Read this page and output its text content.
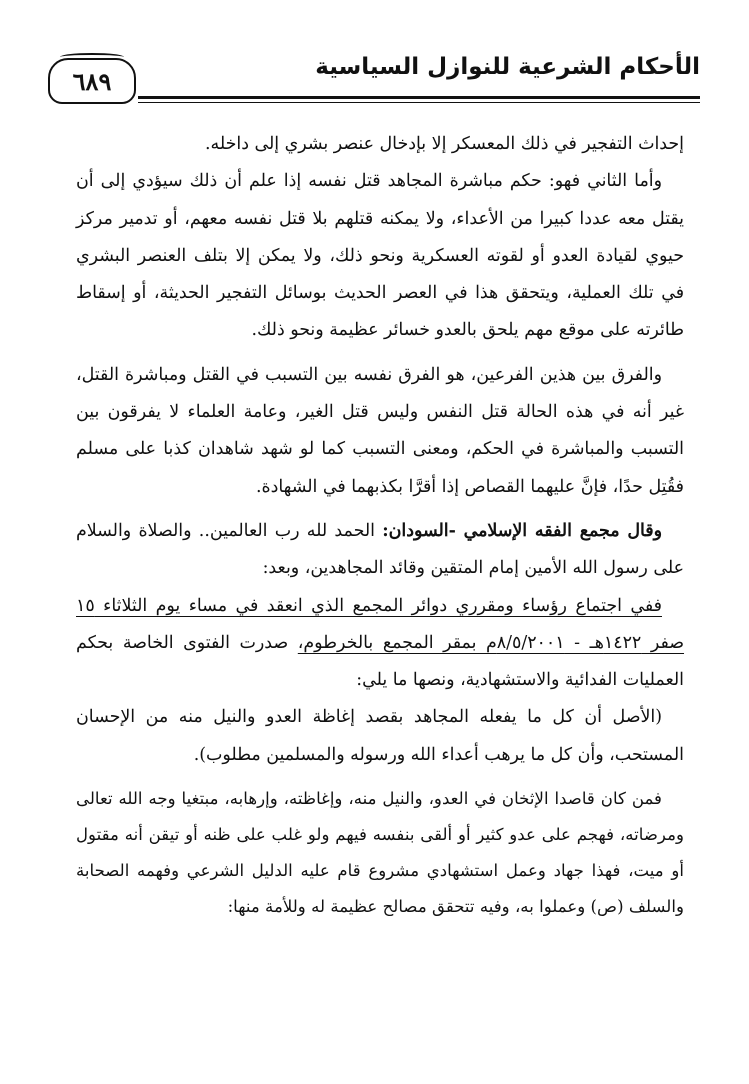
٦٨٩	الأحكام الشرعية للنوازل السياسية

إحداث التفجير في ذلك المعسكر إلا بإدخال عنصر بشري إلى داخله.

وأما الثاني فهو: حكم مباشرة المجاهد قتل نفسه إذا علم أن ذلك سيؤدي إلى أن يقتل معه عددا كبيرا من الأعداء، ولا يمكنه قتلهم بلا قتل نفسه معهم، أو تدمير مركز حيوي لقيادة العدو أو لقوته العسكرية ونحو ذلك، ولا يمكن إلا بتلف العنصر البشري في تلك العملية، ويتحقق هذا في العصر الحديث بوسائل التفجير الحديثة، أو إسقاط طائرته على موقع مهم يلحق بالعدو خسائر عظيمة ونحو ذلك.

والفرق بين هذين الفرعين، هو الفرق نفسه بين التسبب في القتل ومباشرة القتل، غير أنه في هذه الحالة قتل النفس وليس قتل الغير، وعامة العلماء لا يفرقون بين التسبب والمباشرة في الحكم، ومعنى التسبب كما لو شهد شاهدان كذبا على مسلم فقُتِل حدًا، فإنَّ عليهما القصاص إذا أقرَّا بكذبهما في الشهادة.

وقال مجمع الفقه الإسلامي -السودان: الحمد لله رب العالمين.. والصلاة والسلام على رسول الله الأمين إمام المتقين وقائد المجاهدين، وبعد:

ففي اجتماع رؤساء ومقرري دوائر المجمع الذي انعقد في مساء يوم الثلاثاء ١٥ صفر ١٤٢٢هـ - ٨/٥/٢٠٠١م بمقر المجمع بالخرطوم، صدرت الفتوى الخاصة بحكم العمليات الفدائية والاستشهادية، ونصها ما يلي:

(الأصل أن كل ما يفعله المجاهد بقصد إغاظة العدو والنيل منه من الإحسان المستحب، وأن كل ما يرهب أعداء الله ورسوله والمسلمين مطلوب).

فمن كان قاصدا الإثخان في العدو، والنيل منه، وإغاظته، وإرهابه، مبتغيا وجه الله تعالى ومرضاته، فهجم على عدو كثير أو ألقى بنفسه فيهم ولو غلب على ظنه أو تيقن أنه مقتول أو ميت، فهذا جهاد وعمل استشهادي مشروع قام عليه الدليل الشرعي وفهمه الصحابة والسلف (ص) وعملوا به، وفيه تتحقق مصالح عظيمة له وللأمة منها:
